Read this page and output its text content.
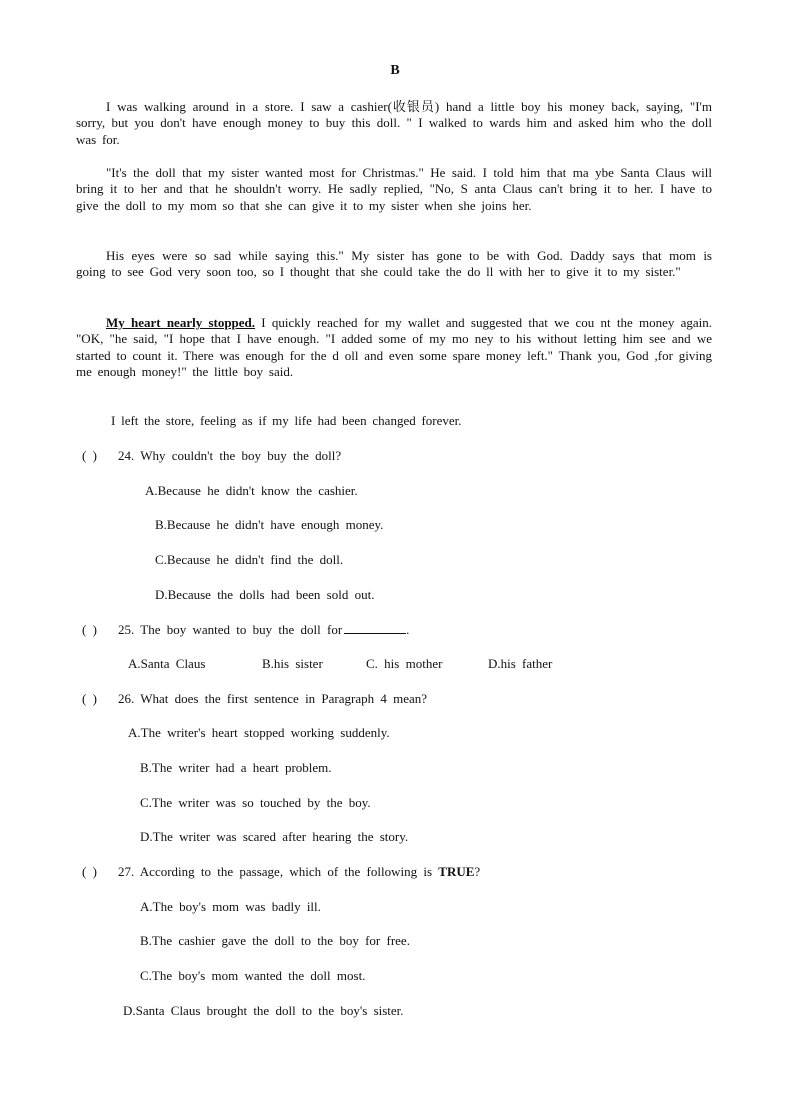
B

I was walking around in a store. I saw a cashier(收银员) hand a little boy his money back, saying, "I'm sorry, but you don't have enough money to buy this doll. " I walked to wards him and asked him who the doll was for.

"It's the doll that my sister wanted most for Christmas." He said. I told him that ma ybe Santa Claus will bring it to her and that he shouldn't worry. He sadly replied, "No, S anta Claus can't bring it to her. I have to give the doll to my mom so that she can give it to my sister when she joins her.

His eyes were so sad while saying this." My sister has gone to be with God. Daddy says that mom is going to see God very soon too, so I thought that she could take the do ll with her to give it to my sister."

My heart nearly stopped. I quickly reached for my wallet and suggested that we cou nt the money again. "OK, "he said, "I hope that I have enough. "I added some of my mo ney to his without letting him see and we started to count it. There was enough for the d oll and even some spare money left." Thank you, God ,for giving me enough money!" the little boy said.

I left the store, feeling as if my life had been changed forever.

( ) 24. Why couldn't the boy buy the doll?
A.Because he didn't know the cashier.
B.Because he didn't have enough money.
C.Because he didn't find the doll.
D.Because the dolls had been sold out.
( ) 25. The boy wanted to buy the doll for	.
A.Santa Claus	B.his sister	C. his mother	D.his father
( ) 26. What does the first sentence in Paragraph 4 mean?
A.The writer's heart stopped working suddenly.
B.The writer had a heart problem.
C.The writer was so touched by the boy.
D.The writer was scared after hearing the story.
( ) 27. According to the passage, which of the following is TRUE?
A.The boy's mom was badly ill.
B.The cashier gave the doll to the boy for free.
C.The boy's mom wanted the doll most.
D.Santa Claus brought the doll to the boy's sister.
